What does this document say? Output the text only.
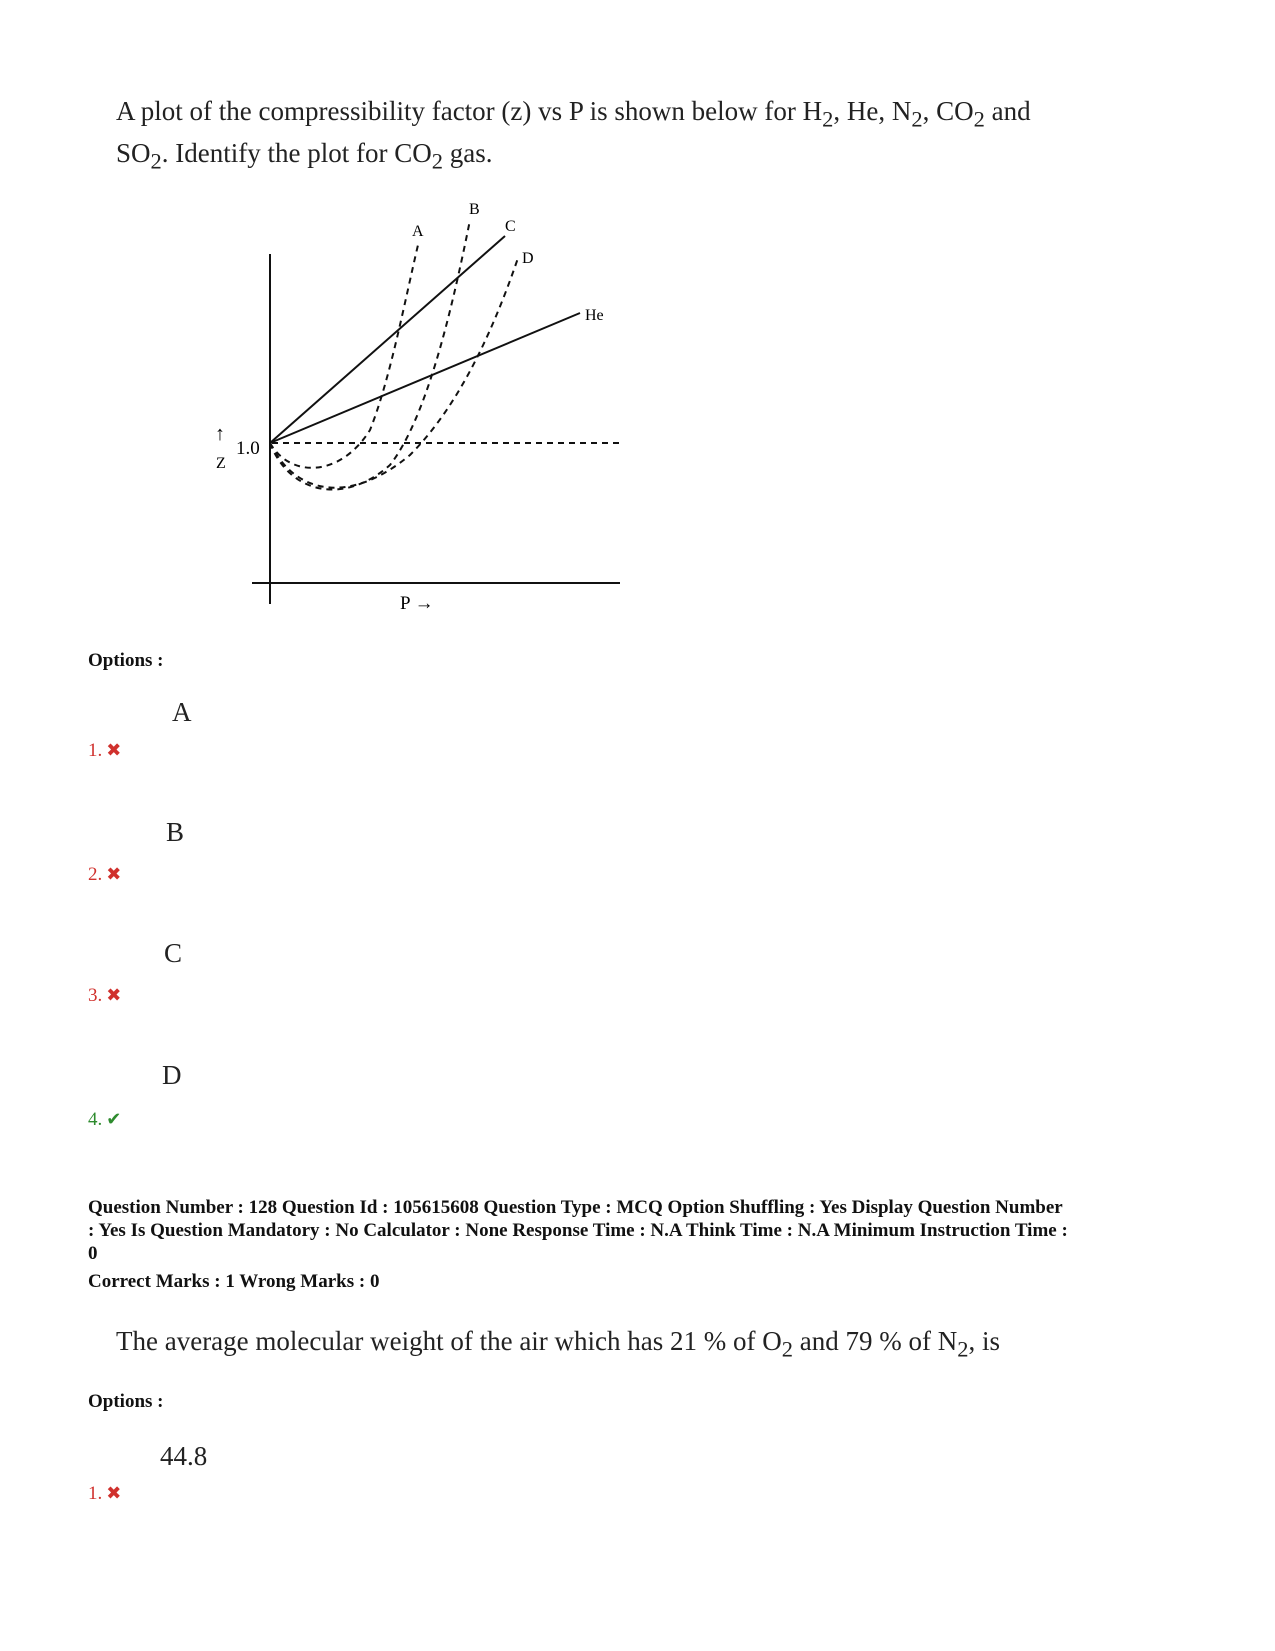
A plot of the compressibility factor (z) vs P is shown below for $H_2$, He, $N_2$, $CO_2$ and
$SO_2$. Identify the plot for $CO_2$ gas.
A
B
C
D
He
1.0
↑
Z
P →
Options :
A
1. ✖
B
2. ✖
C
3. ✖
D
4. ✔
Question Number : 128 Question Id : 105615608 Question Type : MCQ Option Shuffling : Yes Display Question Number
: Yes Is Question Mandatory : No Calculator : None Response Time : N.A Think Time : N.A Minimum Instruction Time :
0
Correct Marks : 1 Wrong Marks : 0
The average molecular weight of the air which has 21 % of $O_2$ and 79 % of $N_2$, is
Options :
44.8
1. ✖
